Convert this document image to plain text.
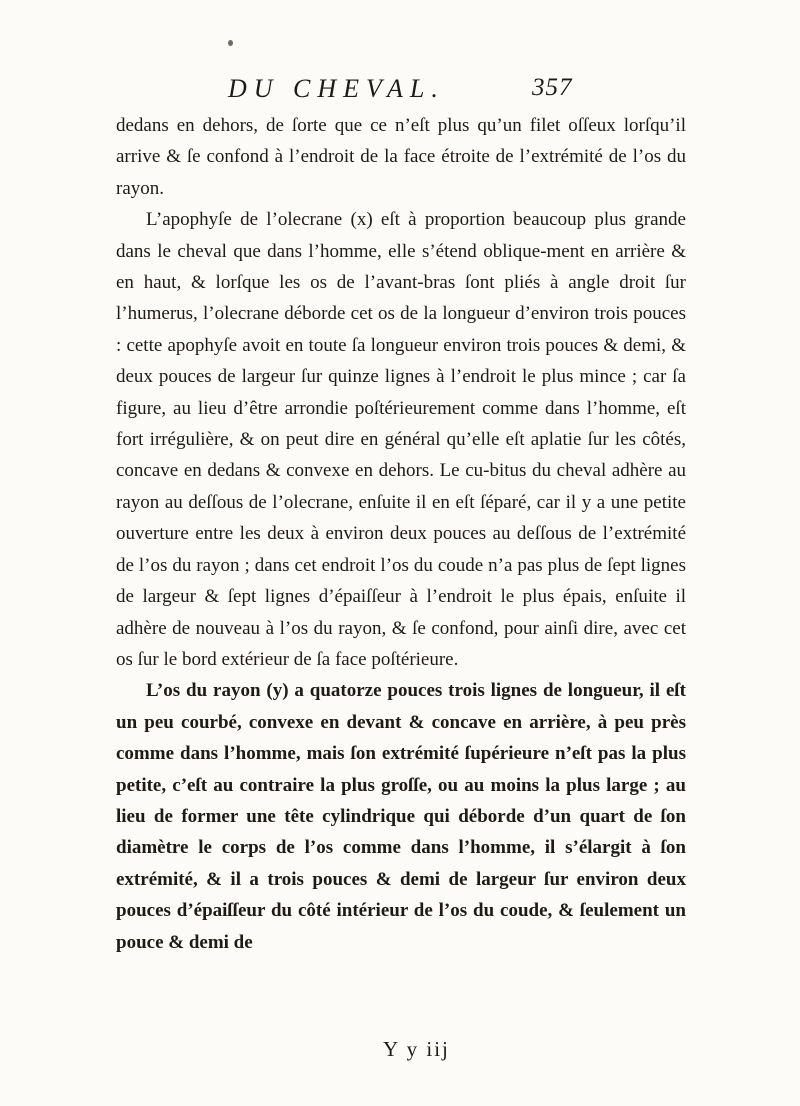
DU CHEVAL.	357

dedans en dehors, de ſorte que ce n’eſt plus qu’un filet oſſeux lorſqu’il arrive & ſe confond à l’endroit de la face étroite de l’extrémité de l’os du rayon.

L’apophyſe de l’olecrane (x) eſt à proportion beaucoup plus grande dans le cheval que dans l’homme, elle s’étend oblique-ment en arrière & en haut, & lorſque les os de l’avant-bras ſont pliés à angle droit ſur l’humerus, l’olecrane déborde cet os de la longueur d’environ trois pouces : cette apophyſe avoit en toute ſa longueur environ trois pouces & demi, & deux pouces de largeur ſur quinze lignes à l’endroit le plus mince ; car ſa figure, au lieu d’être arrondie poſtérieurement comme dans l’homme, eſt fort irrégulière, & on peut dire en général qu’elle eſt aplatie ſur les côtés, concave en dedans & convexe en dehors. Le cu-bitus du cheval adhère au rayon au deſſous de l’olecrane, enſuite il en eſt ſéparé, car il y a une petite ouverture entre les deux à environ deux pouces au deſſous de l’extrémité de l’os du rayon ; dans cet endroit l’os du coude n’a pas plus de ſept lignes de largeur & ſept lignes d’épaiſſeur à l’endroit le plus épais, enſuite il adhère de nouveau à l’os du rayon, & ſe confond, pour ainſi dire, avec cet os ſur le bord extérieur de ſa face poſtérieure.

L’os du rayon (y) a quatorze pouces trois lignes de longueur, il eſt un peu courbé, convexe en devant & concave en arrière, à peu près comme dans l’homme, mais ſon extrémité ſupérieure n’eſt pas la plus petite, c’eſt au contraire la plus groſſe, ou au moins la plus large ; au lieu de former une tête cylindrique qui déborde d’un quart de ſon diamètre le corps de l’os comme dans l’homme, il s’élargit à ſon extrémité, & il a trois pouces & demi de largeur ſur environ deux pouces d’épaiſſeur du côté intérieur de l’os du coude, & ſeulement un pouce & demi de

Y y iij
